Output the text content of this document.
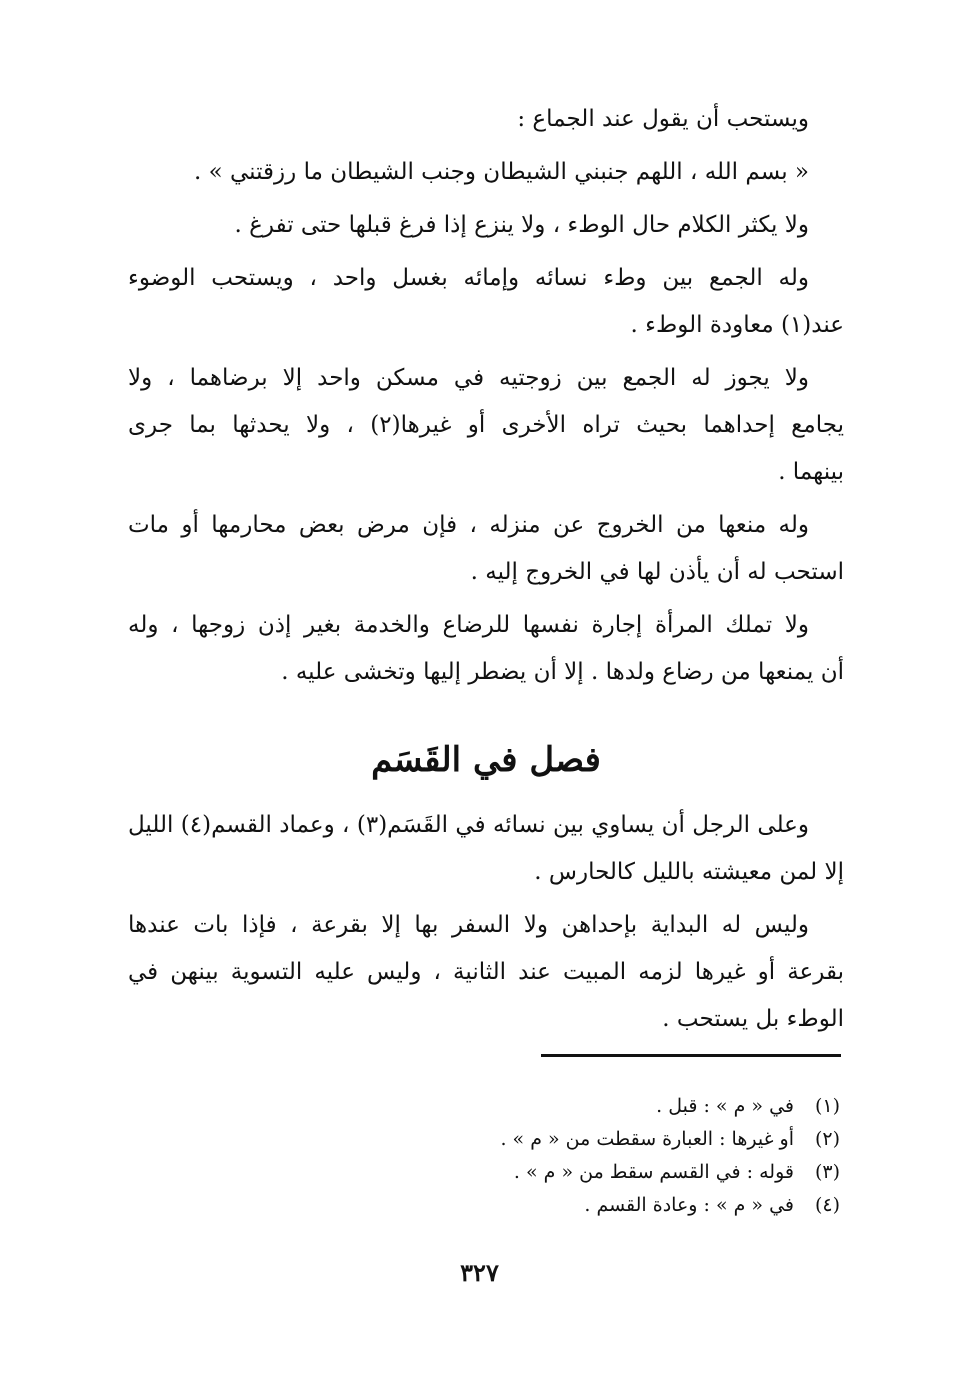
ويستحب أن يقول عند الجماع :
« بسم الله ، اللهم جنبني الشيطان وجنب الشيطان ما رزقتني » .
ولا يكثر الكلام حال الوطء ، ولا ينزع إذا فرغ قبلها حتى تفرغ .
وله الجمع بين وطء نسائه وإمائه بغسل واحد ، ويستحب الوضوء
عند(١) معاودة الوطء .
ولا يجوز له الجمع بين زوجتيه في مسكن واحد إلا برضاهما ، ولا
يجامع إحداهما بحيث تراه الأخرى أو غيرها(٢) ، ولا يحدثها بما جرى
بينهما .
وله منعها من الخروج عن منزله ، فإن مرض بعض محارمها أو مات
استحب له أن يأذن لها في الخروج إليه .
ولا تملك المرأة إجارة نفسها للرضاع والخدمة بغير إذن زوجها ، وله
أن يمنعها من رضاع ولدها . إلا أن يضطر إليها وتخشى عليه .
فصل في القَسَم
وعلى الرجل أن يساوي بين نسائه في القَسَم(٣) ، وعماد القسم(٤) الليل
إلا لمن معيشته بالليل كالحارس .
وليس له البداية بإحداهن ولا السفر بها إلا بقرعة ، فإذا بات عندها
بقرعة أو غيرها لزمه المبيت عند الثانية ، وليس عليه التسوية بينهن في
الوطء بل يستحب .
(١)
في « م » : قبل .
(٢)
أو غيرها : العبارة سقطت من « م » .
(٣)
قوله : في القسم سقط من « م » .
(٤)
في « م » : وعادة القسم .
٣٢٧
